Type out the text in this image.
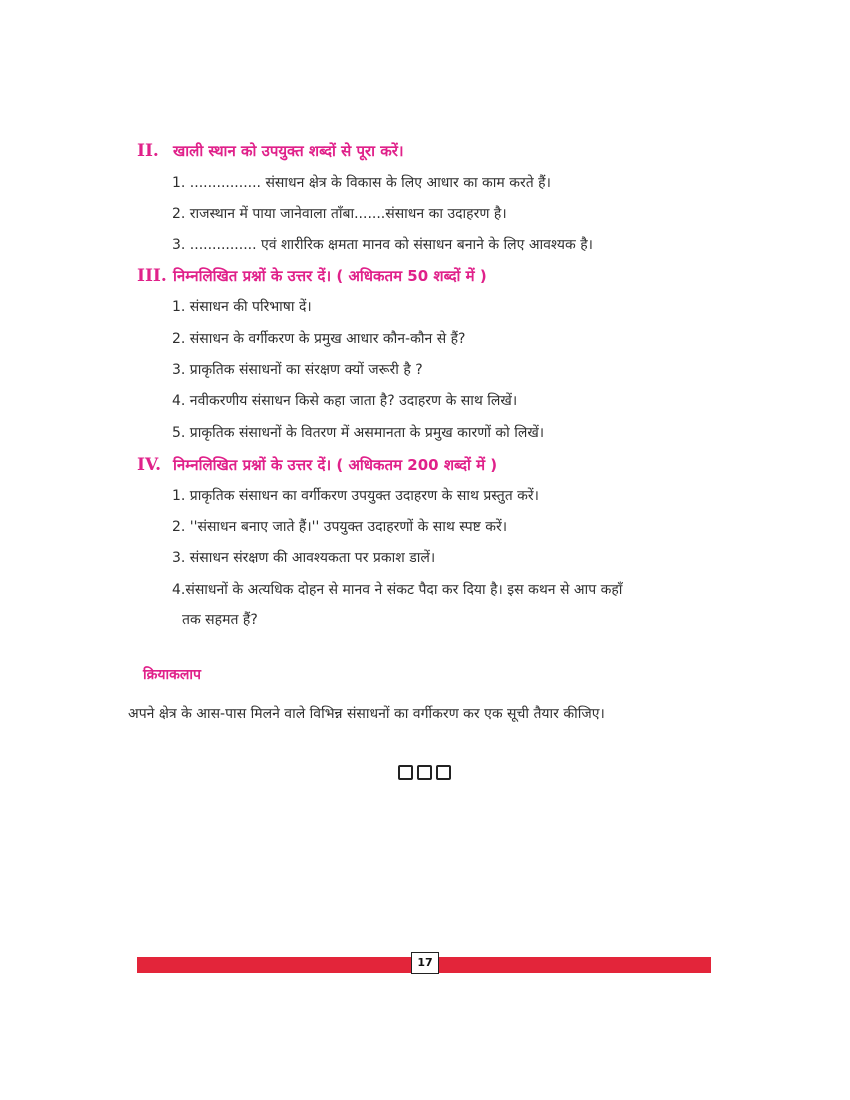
II. खाली स्थान को उपयुक्त शब्दों से पूरा करें।
1. ................ संसाधन क्षेत्र के विकास के लिए आधार का काम करते हैं।
2. राजस्थान में पाया जानेवाला ताँबा.......संसाधन का उदाहरण है।
3. ............... एवं शारीरिक क्षमता मानव को संसाधन बनाने के लिए आवश्यक है।
III. निम्नलिखित प्रश्नों के उत्तर दें। ( अधिकतम 50 शब्दों में )
1. संसाधन की परिभाषा दें।
2. संसाधन के वर्गीकरण के प्रमुख आधार कौन-कौन से हैं?
3. प्राकृतिक संसाधनों का संरक्षण क्यों जरूरी है ?
4. नवीकरणीय संसाधन किसे कहा जाता है? उदाहरण के साथ लिखें।
5. प्राकृतिक संसाधनों के वितरण में असमानता के प्रमुख कारणों को लिखें।
IV. निम्नलिखित प्रश्नों के उत्तर दें। ( अधिकतम 200 शब्दों में )
1. प्राकृतिक संसाधन का वर्गीकरण उपयुक्त उदाहरण के साथ प्रस्तुत करें।
2. ''संसाधन बनाए जाते हैं।'' उपयुक्त उदाहरणों के साथ स्पष्ट करें।
3. संसाधन संरक्षण की आवश्यकता पर प्रकाश डालें।
4.संसाधनों के अत्यधिक दोहन से मानव ने संकट पैदा कर दिया है। इस कथन से आप कहाँ
तक सहमत हैं?
क्रियाकलाप
अपने क्षेत्र के आस-पास मिलने वाले विभिन्न संसाधनों का वर्गीकरण कर एक सूची तैयार कीजिए।
17
